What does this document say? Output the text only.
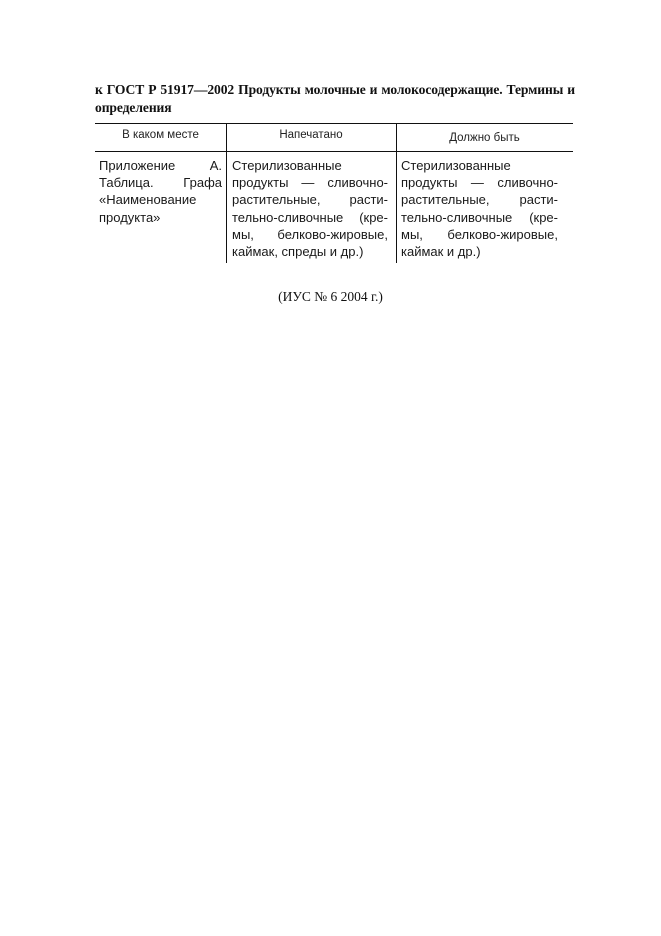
к ГОСТ Р 51917—2002 Продукты молочные и молокосодержащие. Термины и определения
В каком месте	Напечатано	Должно быть
Приложение А.
Таблица. Графа
«Наименование
продукта»
Стерилизованные
продукты — сливочно-
растительные, расти-
тельно-сливочные (кре-
мы, белково-жировые,
каймак, спреды и др.)
Стерилизованные
продукты — сливочно-
растительные, расти-
тельно-сливочные (кре-
мы, белково-жировые,
каймак и др.)
(ИУС № 6 2004 г.)
